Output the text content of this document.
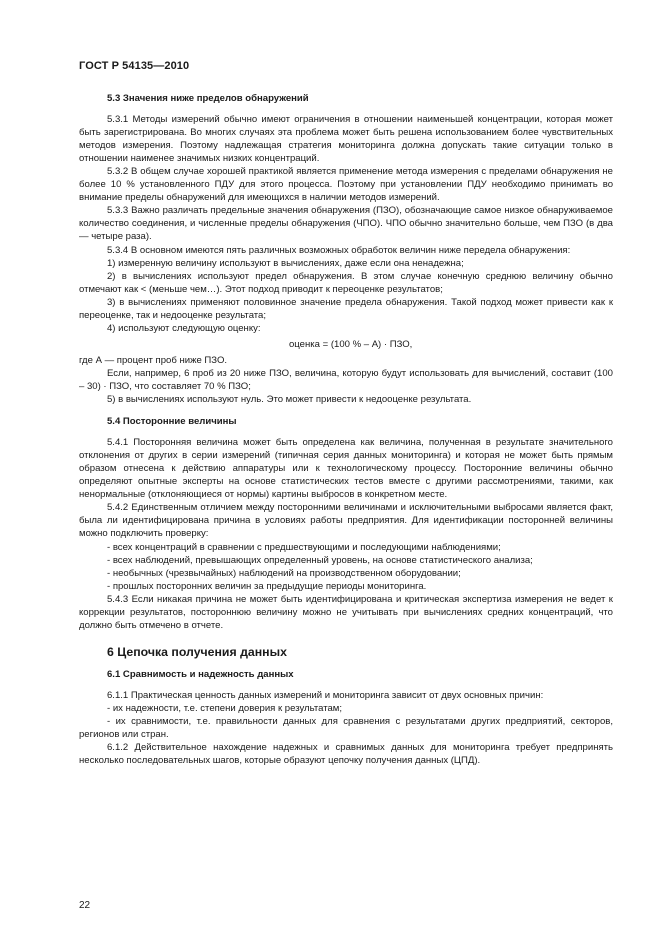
ГОСТ Р 54135—2010
5.3 Значения ниже пределов обнаружений

5.3.1 Методы измерений обычно имеют ограничения в отношении наименьшей концентрации, которая может быть зарегистрирована. Во многих случаях эта проблема может быть решена использованием более чувствительных методов измерения. Поэтому надлежащая стратегия мониторинга должна допускать такие ситуации только в отношении наименее значимых низких концентраций.

5.3.2 В общем случае хорошей практикой является применение метода измерения с пределами обнаружения не более 10 % установленного ПДУ для этого процесса. Поэтому при установлении ПДУ необходимо принимать во внимание пределы обнаружений для имеющихся в наличии методов измерений.

5.3.3 Важно различать предельные значения обнаружения (ПЗО), обозначающие самое низкое обнаруживаемое количество соединения, и численные пределы обнаружения (ЧПО). ЧПО обычно значительно больше, чем ПЗО (в два — четыре раза).

5.3.4 В основном имеются пять различных возможных обработок величин ниже передела обнаружения:

1) измеренную величину используют в вычислениях, даже если она ненадежна;

2) в вычислениях используют предел обнаружения. В этом случае конечную среднюю величину обычно отмечают как < (меньше чем…). Этот подход приводит к переоценке результатов;

3) в вычислениях применяют половинное значение предела обнаружения. Такой подход может привести как к переоценке, так и недооценке результата;

4) используют следующую оценку:

оценка = (100 % – A) · ПЗО,

где А — процент проб ниже ПЗО.

Если, например, 6 проб из 20 ниже ПЗО, величина, которую будут использовать для вычислений, составит (100 – 30) · ПЗО, что составляет 70 % ПЗО;

5) в вычислениях используют нуль. Это может привести к недооценке результата.

5.4 Посторонние величины

5.4.1 Посторонняя величина может быть определена как величина, полученная в результате значительного отклонения от других в серии измерений (типичная серия данных мониторинга) и которая не может быть прямым образом отнесена к действию аппаратуры или к технологическому процессу. Посторонние величины обычно определяют опытные эксперты на основе статистических тестов вместе с другими рассмотрениями, такими, как ненормальные (отклоняющиеся от нормы) картины выбросов в конкретном месте.

5.4.2 Единственным отличием между посторонними величинами и исключительными выбросами является факт, была ли идентифицирована причина в условиях работы предприятия. Для идентификации посторонней величины можно подключить проверку:

- всех концентраций в сравнении с предшествующими и последующими наблюдениями;

- всех наблюдений, превышающих определенный уровень, на основе статистического анализа;

- необычных (чрезвычайных) наблюдений на производственном оборудовании;

- прошлых посторонних величин за предыдущие периоды мониторинга.

5.4.3 Если никакая причина не может быть идентифицирована и критическая экспертиза измерения не ведет к коррекции результатов, постороннюю величину можно не учитывать при вычислениях средних концентраций, что должно быть отмечено в отчете.

6 Цепочка получения данных
6.1 Сравнимость и надежность данных

6.1.1 Практическая ценность данных измерений и мониторинга зависит от двух основных причин:

- их надежности, т.е. степени доверия к результатам;

- их сравнимости, т.е. правильности данных для сравнения с результатами других предприятий, секторов, регионов или стран.

6.1.2 Действительное нахождение надежных и сравнимых данных для мониторинга требует предпринять несколько последовательных шагов, которые образуют цепочку получения данных (ЦПД).

22
